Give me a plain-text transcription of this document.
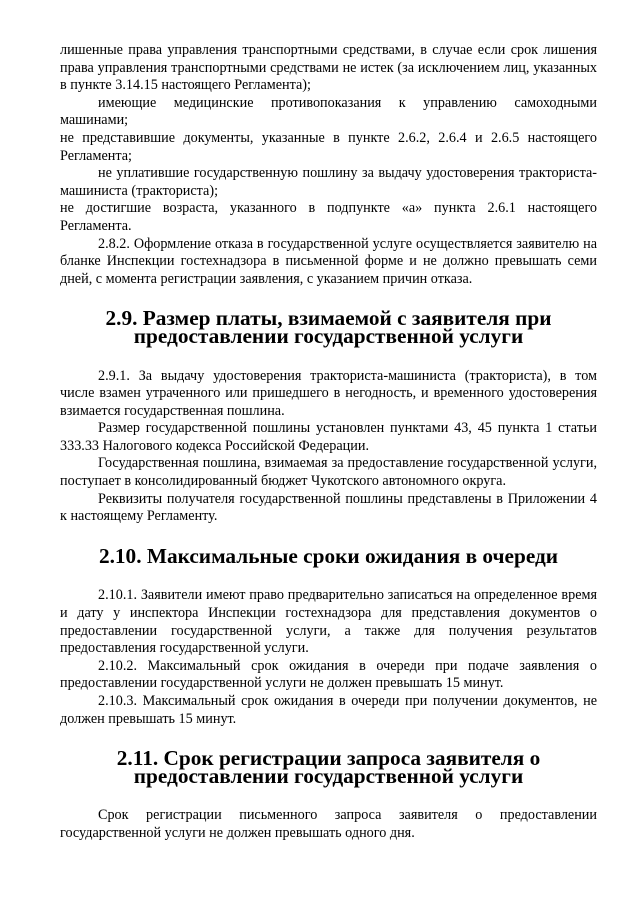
лишенные права управления транспортными средствами, в случае если срок лишения права управления транспортными средствами не истек (за исключением лиц, указанных в пункте 3.14.15 настоящего Регламента);

имеющие медицинские противопоказания к управлению самоходными машинами;

не представившие документы, указанные в пункте 2.6.2, 2.6.4 и 2.6.5 настоящего Регламента;

не уплатившие государственную пошлину за выдачу удостоверения тракториста-машиниста (тракториста);

не достигшие возраста, указанного в подпункте «а» пункта 2.6.1 настоящего Регламента.

2.8.2. Оформление отказа в государственной услуге осуществляется заявителю на бланке Инспекции гостехнадзора в письменной форме и не должно превышать семи дней, с момента регистрации заявления, с указанием причин отказа.

2.9. Размер платы, взимаемой с заявителя при предоставлении государственной услуги

2.9.1. За выдачу удостоверения тракториста-машиниста (тракториста), в том числе взамен утраченного или пришедшего в негодность, и временного удостоверения взимается государственная пошлина.

Размер государственной пошлины установлен пунктами 43, 45 пункта 1 статьи 333.33 Налогового кодекса Российской Федерации.

Государственная пошлина, взимаемая за предоставление государственной услуги, поступает в консолидированный бюджет Чукотского автономного округа.

Реквизиты получателя государственной пошлины представлены в Приложении 4 к настоящему Регламенту.

2.10. Максимальные сроки ожидания в очереди

2.10.1. Заявители имеют право предварительно записаться на определенное время и дату у инспектора Инспекции гостехнадзора для представления документов о предоставлении государственной услуги, а также для получения результатов предоставления государственной услуги.

2.10.2. Максимальный срок ожидания в очереди при подаче заявления о предоставлении государственной услуги не должен превышать 15 минут.

2.10.3. Максимальный срок ожидания в очереди при получении документов, не должен превышать 15 минут.

2.11. Срок регистрации запроса заявителя о предоставлении государственной услуги

Срок регистрации письменного запроса заявителя о предоставлении государственной услуги не должен превышать одного дня.
